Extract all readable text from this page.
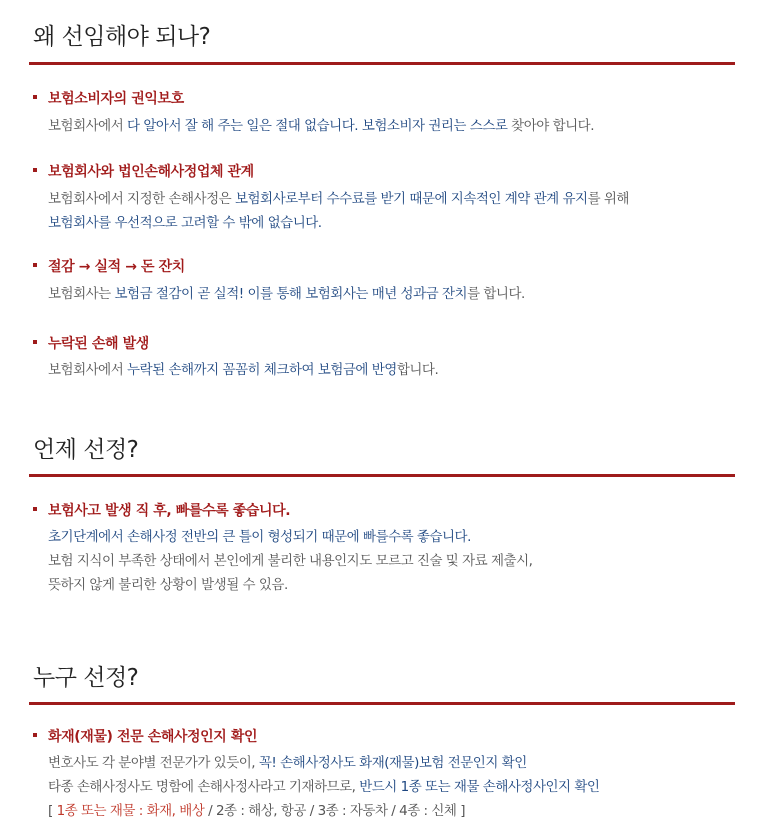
왜 선임해야 되나?
보험소비자의 권익보호
보험회사에서 다 알아서 잘 해 주는 일은 절대 없습니다. 보험소비자 권리는 스스로 찾아야 합니다.
보험회사와 법인손해사정업체 관계
보험회사에서 지정한 손해사정은 보험회사로부터 수수료를 받기 때문에 지속적인 계약 관계 유지를 위해
보험회사를 우선적으로 고려할 수 밖에 없습니다.
절감 → 실적 → 돈 잔치
보험회사는 보험금 절감이 곧 실적! 이를 통해 보험회사는 매년 성과금 잔치를 합니다.
누락된 손해 발생
보험회사에서 누락된 손해까지 꼼꼼히 체크하여 보험금에 반영합니다.
언제 선정?
보험사고 발생 직 후, 빠를수록 좋습니다.
초기단계에서 손해사정 전반의 큰 틀이 형성되기 때문에 빠를수록 좋습니다.
보험 지식이 부족한 상태에서 본인에게 불리한 내용인지도 모르고 진술 및 자료 제출시,
뜻하지 않게 불리한 상황이 발생될 수 있음.
누구 선정?
화재(재물) 전문 손해사정인지 확인
변호사도 각 분야별 전문가가 있듯이, 꼭! 손해사정사도 화재(재물)보험 전문인지 확인
타종 손해사정사도 명함에 손해사정사라고 기재하므로, 반드시 1종 또는 재물 손해사정사인지 확인
[ 1종 또는 재물 : 화재, 배상 / 2종 : 해상, 항공 / 3종 : 자동차 / 4종 : 신체 ]
